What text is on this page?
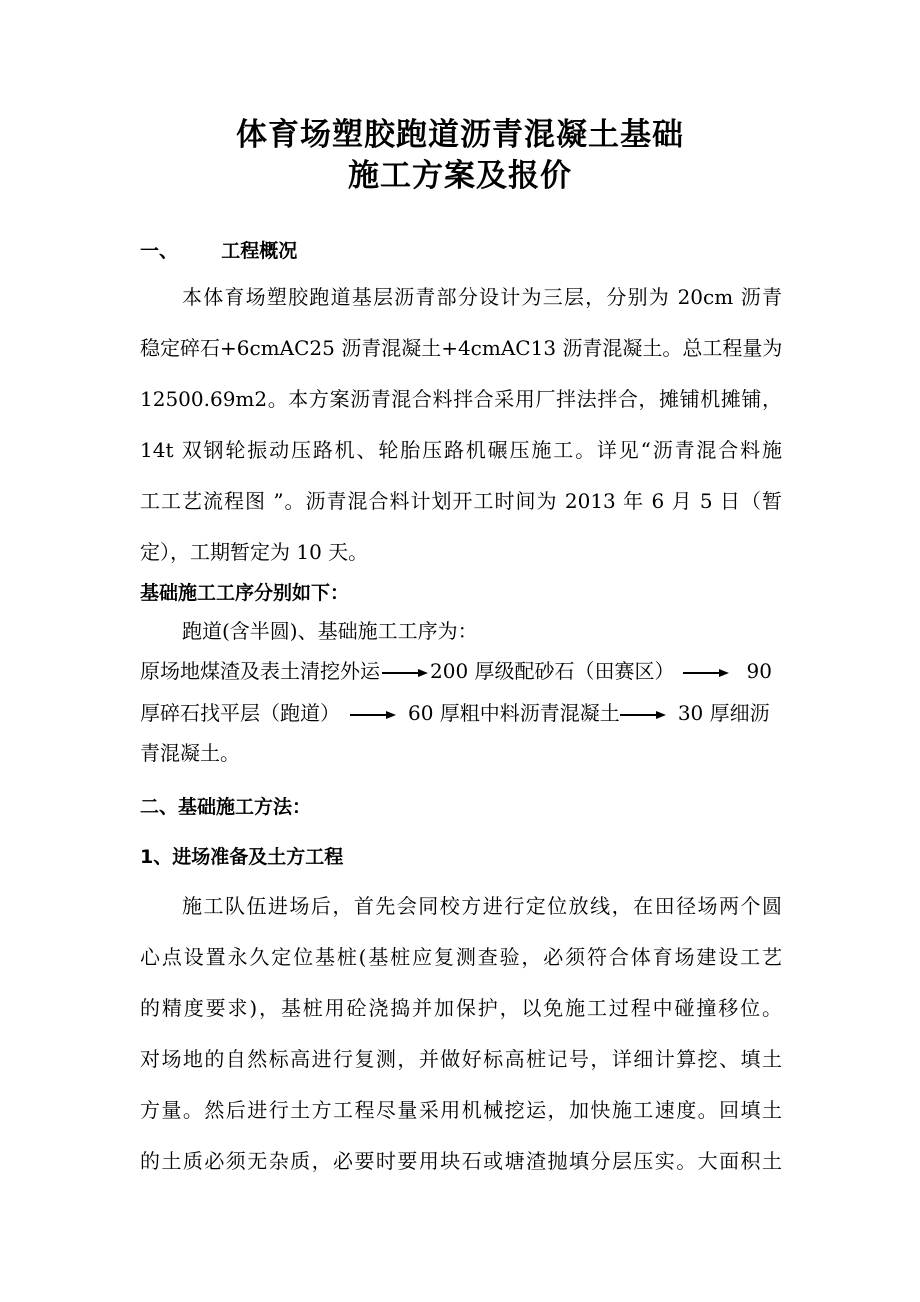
体育场塑胶跑道沥青混凝土基础
施工方案及报价
一、 工程概况
本体育场塑胶跑道基层沥青部分设计为三层，分别为 20cm 沥青
稳定碎石+6cmAC25 沥青混凝土+4cmAC13 沥青混凝土。总工程量为
12500.69m2。本方案沥青混合料拌合采用厂拌法拌合，摊铺机摊铺，
14t 双钢轮振动压路机、轮胎压路机碾压施工。详见“沥青混合料施
工工艺流程图 ”。沥青混合料计划开工时间为 2013 年 6 月 5 日（暂
定），工期暂定为 10 天。
基础施工工序分别如下：
跑道(含半圆)、基础施工工序为：
原场地煤渣及表土清挖外运	200 厚级配砂石（田赛区）	90
厚碎石找平层（跑道）	60 厚粗中料沥青混凝土	30 厚细沥
青混凝土。
二、基础施工方法：
1、进场准备及土方工程
施工队伍进场后，首先会同校方进行定位放线，在田径场两个圆
心点设置永久定位基桩(基桩应复测查验，必须符合体育场建设工艺
的精度要求)，基桩用砼浇捣并加保护，以免施工过程中碰撞移位。
对场地的自然标高进行复测，并做好标高桩记号，详细计算挖、填土
方量。然后进行土方工程尽量采用机械挖运，加快施工速度。回填土
的土质必须无杂质，必要时要用块石或塘渣抛填分层压实。大面积土
